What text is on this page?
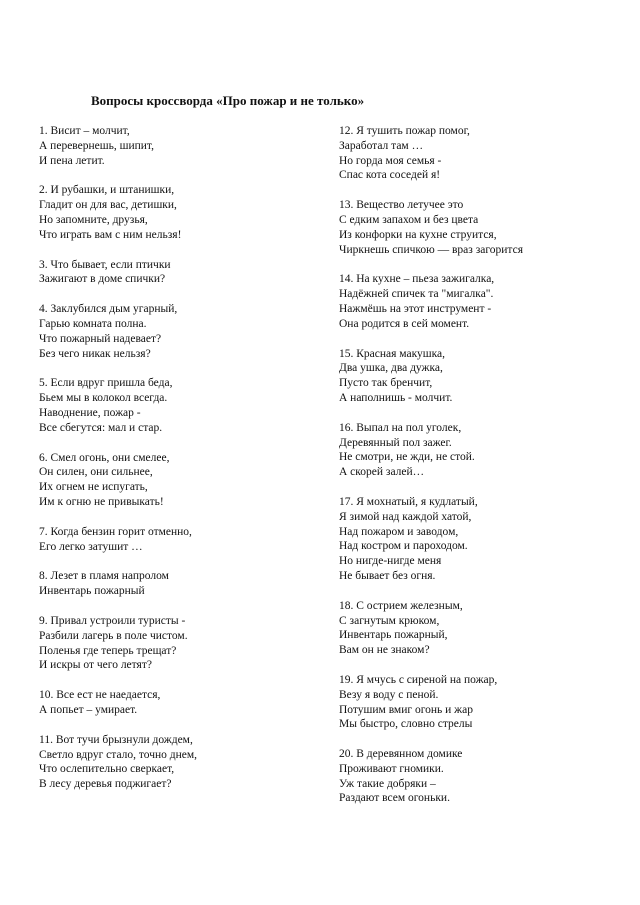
Вопросы кроссворда «Про пожар и не только»
1. Висит – молчит,
А перевернешь, шипит,
И пена летит.
2. И рубашки, и штанишки,
Гладит он для вас, детишки,
Но запомните, друзья,
Что играть вам с ним нельзя!
3. Что бывает, если птички
Зажигают в доме спички?
4. Заклубился дым угарный,
Гарью комната полна.
Что пожарный надевает?
Без чего никак нельзя?
5. Если вдруг пришла беда,
Бьем мы в колокол всегда.
Наводнение, пожар -
Все сбегутся: мал и стар.
6. Смел огонь, они смелее,
Он силен, они сильнее,
Их огнем не испугать,
Им к огню не привыкать!
7. Когда бензин горит отменно,
Его легко затушит …
8. Лезет в пламя напролом
Инвентарь пожарный
9. Привал устроили туристы -
Разбили лагерь в поле чистом.
Поленья где теперь трещат?
И искры от чего летят?
10. Все ест не наедается,
А попьет – умирает.
11. Вот тучи брызнули дождем,
Светло вдруг стало, точно днем,
Что ослепительно сверкает,
В лесу деревья поджигает?
12. Я тушить пожар помог,
Заработал там …
Но горда моя семья -
Спас кота соседей я!
13. Вещество летучее это
С едким запахом и без цвета
Из конфорки на кухне струится,
Чиркнешь спичкою — враз загорится
14. На кухне – пьеза зажигалка,
Надёжней спичек та "мигалка".
Нажмёшь на этот инструмент -
Она родится в сей момент.
15. Красная макушка,
Два ушка, два дужка,
Пусто так бренчит,
А наполнишь - молчит.
16. Выпал на пол уголек,
Деревянный пол зажег.
Не смотри, не жди, не стой.
А скорей залей…
17. Я мохнатый, я кудлатый,
Я зимой над каждой хатой,
Над пожаром и заводом,
Над костром и пароходом.
Но нигде-нигде меня
Не бывает без огня.
18. С острием железным,
С загнутым крюком,
Инвентарь пожарный,
Вам он не знаком?
19. Я мчусь с сиреной на пожар,
Везу я воду с пеной.
Потушим вмиг огонь и жар
Мы быстро, словно стрелы
20. В деревянном домике
Проживают гномики.
Уж такие добряки –
Раздают всем огоньки.
